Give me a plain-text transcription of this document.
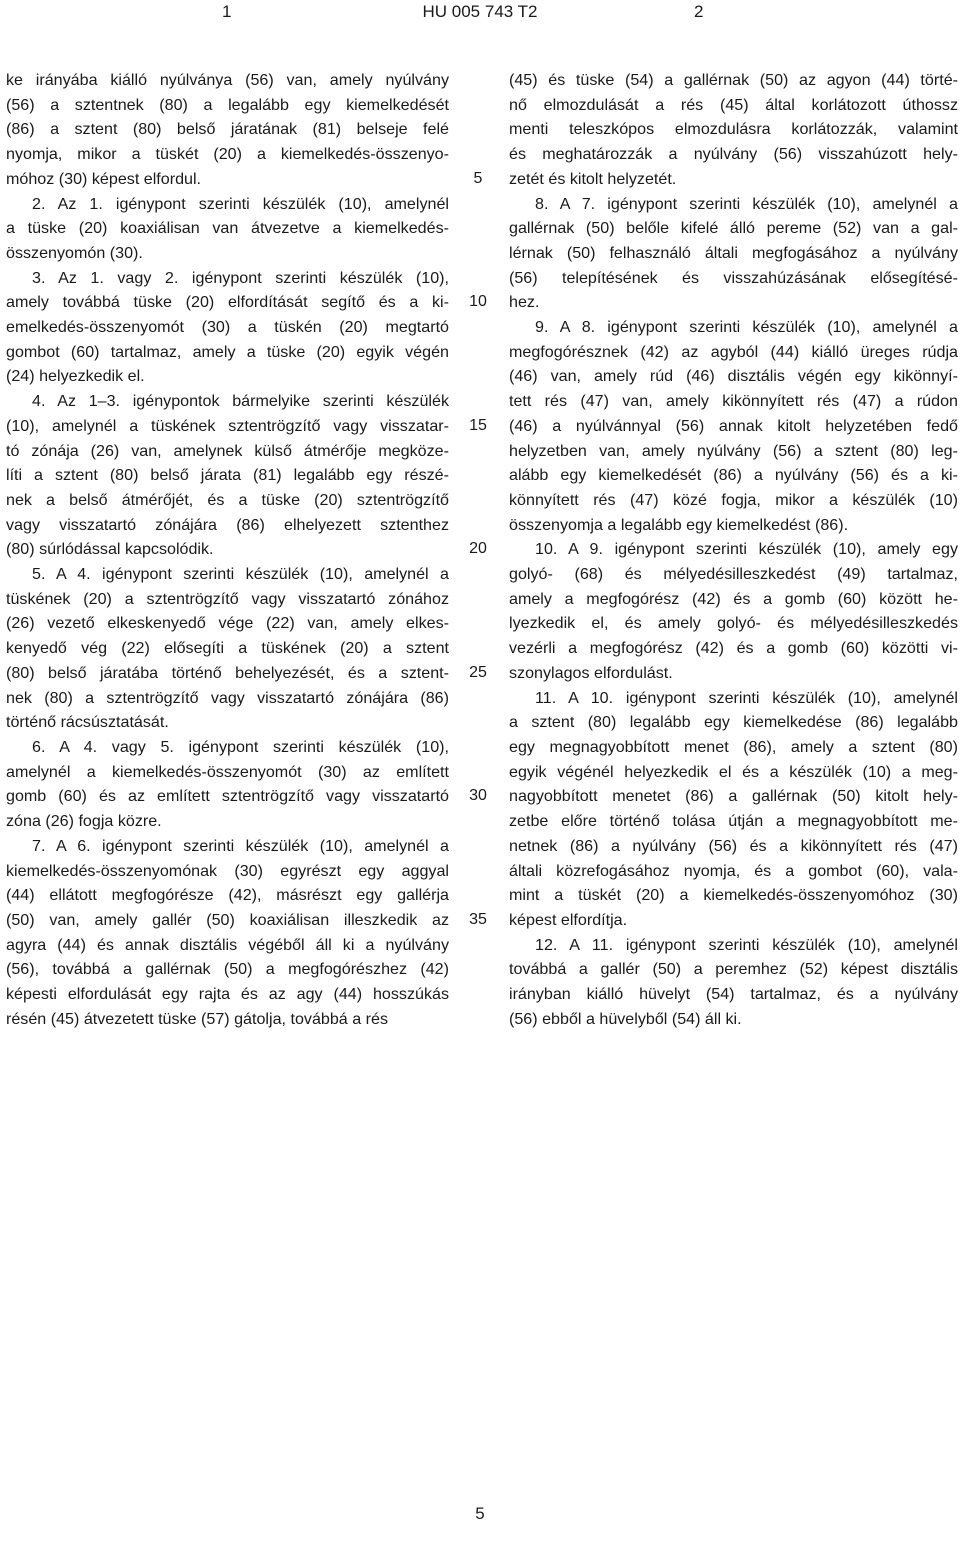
1	HU 005 743 T2	2
ke irányába kiálló nyúlványa (56) van, amely nyúlvány
(56) a sztentnek (80) a legalább egy kiemelkedését
(86) a sztent (80) belső járatának (81) belseje felé
nyomja, mikor a tüskét (20) a kiemelkedés-összenyo-
móhoz (30) képest elfordul.
2. Az 1. igénypont szerinti készülék (10), amelynél
a tüske (20) koaxiálisan van átvezetve a kiemelkedés-
összenyomón (30).
3. Az 1. vagy 2. igénypont szerinti készülék (10),
amely továbbá tüske (20) elfordítását segítő és a ki-
emelkedés-összenyomót (30) a tüskén (20) megtartó
gombot (60) tartalmaz, amely a tüske (20) egyik végén
(24) helyezkedik el.
4. Az 1–3. igénypontok bármelyike szerinti készülék
(10), amelynél a tüskének sztentrögzítő vagy visszatar-
tó zónája (26) van, amelynek külső átmérője megköze-
líti a sztent (80) belső járata (81) legalább egy részé-
nek a belső átmérőjét, és a tüske (20) sztentrögzítő
vagy visszatartó zónájára (86) elhelyezett sztenthez
(80) súrlódással kapcsolódik.
5. A 4. igénypont szerinti készülék (10), amelynél a
tüskének (20) a sztentrögzítő vagy visszatartó zónához
(26) vezető elkeskenyedő vége (22) van, amely elkes-
kenyedő vég (22) elősegíti a tüskének (20) a sztent
(80) belső járatába történő behelyezését, és a sztent-
nek (80) a sztentrögzítő vagy visszatartó zónájára (86)
történő rácsúsztatását.
6. A 4. vagy 5. igénypont szerinti készülék (10),
amelynél a kiemelkedés-összenyomót (30) az említett
gomb (60) és az említett sztentrögzítő vagy visszatartó
zóna (26) fogja közre.
7. A 6. igénypont szerinti készülék (10), amelynél a
kiemelkedés-összenyomónak (30) egyrészt egy aggyal
(44) ellátott megfogórésze (42), másrészt egy gallérja
(50) van, amely gallér (50) koaxiálisan illeszkedik az
agyra (44) és annak disztális végéből áll ki a nyúlvány
(56), továbbá a gallérnak (50) a megfogórészhez (42)
képesti elfordulását egy rajta és az agy (44) hosszúkás
résén (45) átvezetett tüske (57) gátolja, továbbá a rés
(45) és tüske (54) a gallérnak (50) az agyon (44) törté-
nő elmozdulását a rés (45) által korlátozott úthossz
menti teleszkópos elmozdulásra korlátozzák, valamint
és meghatározzák a nyúlvány (56) visszahúzott hely-
zetét és kitolt helyzetét.
8. A 7. igénypont szerinti készülék (10), amelynél a
gallérnak (50) belőle kifelé álló pereme (52) van a gal-
lérnak (50) felhasználó általi megfogásához a nyúlvány
(56) telepítésének és visszahúzásának elősegítésé-
hez.
9. A 8. igénypont szerinti készülék (10), amelynél a
megfogórésznek (42) az agyból (44) kiálló üreges rúdja
(46) van, amely rúd (46) disztális végén egy kikönnyí-
tett rés (47) van, amely kikönnyített rés (47) a rúdon
(46) a nyúlvánnyal (56) annak kitolt helyzetében fedő
helyzetben van, amely nyúlvány (56) a sztent (80) leg-
alább egy kiemelkedését (86) a nyúlvány (56) és a ki-
könnyített rés (47) közé fogja, mikor a készülék (10)
összenyomja a legalább egy kiemelkedést (86).
10. A 9. igénypont szerinti készülék (10), amely egy
golyó- (68) és mélyedésilleszkedést (49) tartalmaz,
amely a megfogórész (42) és a gomb (60) között he-
lyezkedik el, és amely golyó- és mélyedésilleszkedés
vezérli a megfogórész (42) és a gomb (60) közötti vi-
szonylagos elfordulást.
11. A 10. igénypont szerinti készülék (10), amelynél
a sztent (80) legalább egy kiemelkedése (86) legalább
egy megnagyobbított menet (86), amely a sztent (80)
egyik végénél helyezkedik el és a készülék (10) a meg-
nagyobbított menetet (86) a gallérnak (50) kitolt hely-
zetbe előre történő tolása útján a megnagyobbított me-
netnek (86) a nyúlvány (56) és a kikönnyített rés (47)
általi közrefogásához nyomja, és a gombot (60), vala-
mint a tüskét (20) a kiemelkedés-összenyomóhoz (30)
képest elfordítja.
12. A 11. igénypont szerinti készülék (10), amelynél
továbbá a gallér (50) a peremhez (52) képest disztális
irányban kiálló hüvelyt (54) tartalmaz, és a nyúlvány
(56) ebből a hüvelyből (54) áll ki.
5
10
15
20
25
30
35
5
